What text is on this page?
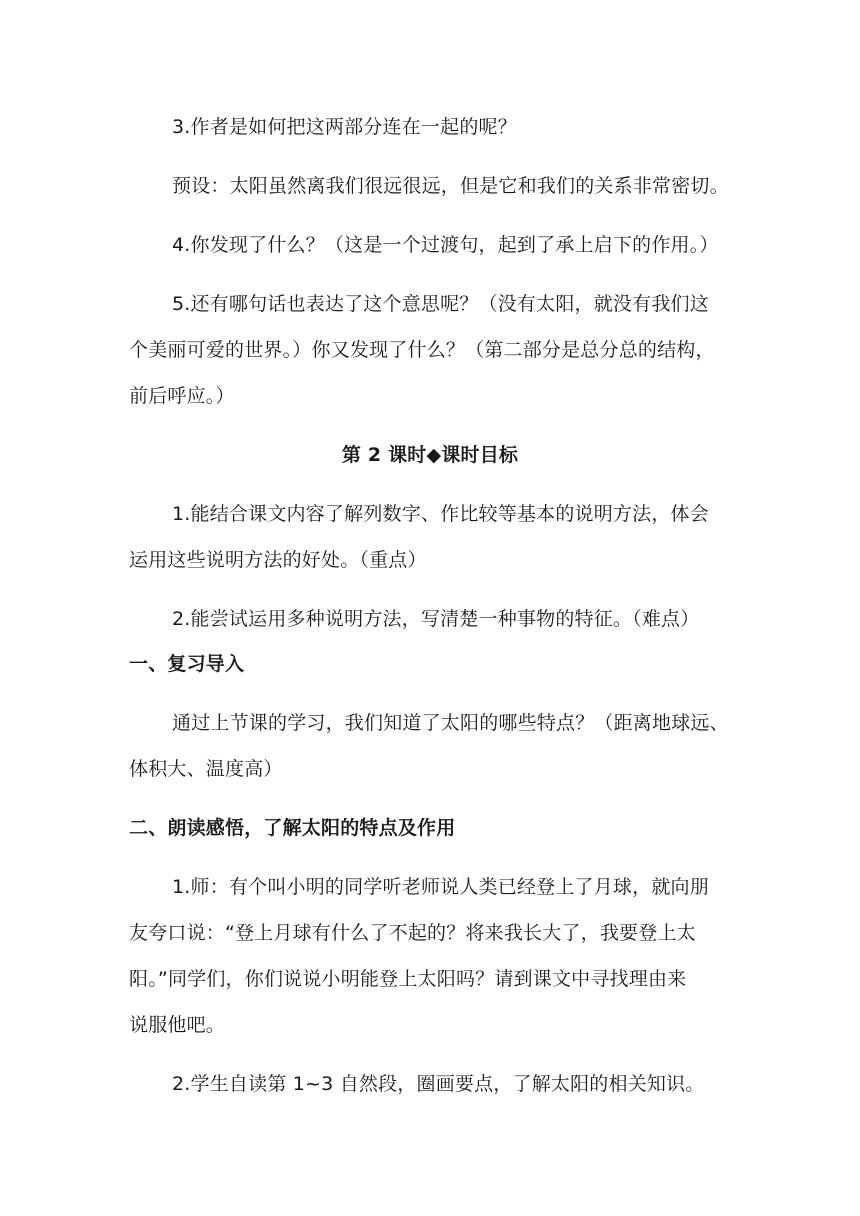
3.作者是如何把这两部分连在一起的呢？
预设：太阳虽然离我们很远很远，但是它和我们的关系非常密切。
4.你发现了什么？（这是一个过渡句，起到了承上启下的作用。）
5.还有哪句话也表达了这个意思呢？（没有太阳，就没有我们这
个美丽可爱的世界。）你又发现了什么？（第二部分是总分总的结构，
前后呼应。）
第 2 课时◆课时目标
1.能结合课文内容了解列数字、作比较等基本的说明方法，体会
运用这些说明方法的好处。（重点）
2.能尝试运用多种说明方法，写清楚一种事物的特征。（难点）
一、复习导入
通过上节课的学习，我们知道了太阳的哪些特点？（距离地球远、
体积大、温度高）
二、朗读感悟，了解太阳的特点及作用
1.师：有个叫小明的同学听老师说人类已经登上了月球，就向朋
友夸口说：“登上月球有什么了不起的？将来我长大了，我要登上太
阳。”同学们，你们说说小明能登上太阳吗？请到课文中寻找理由来
说服他吧。
2.学生自读第 1~3 自然段，圈画要点，了解太阳的相关知识。
